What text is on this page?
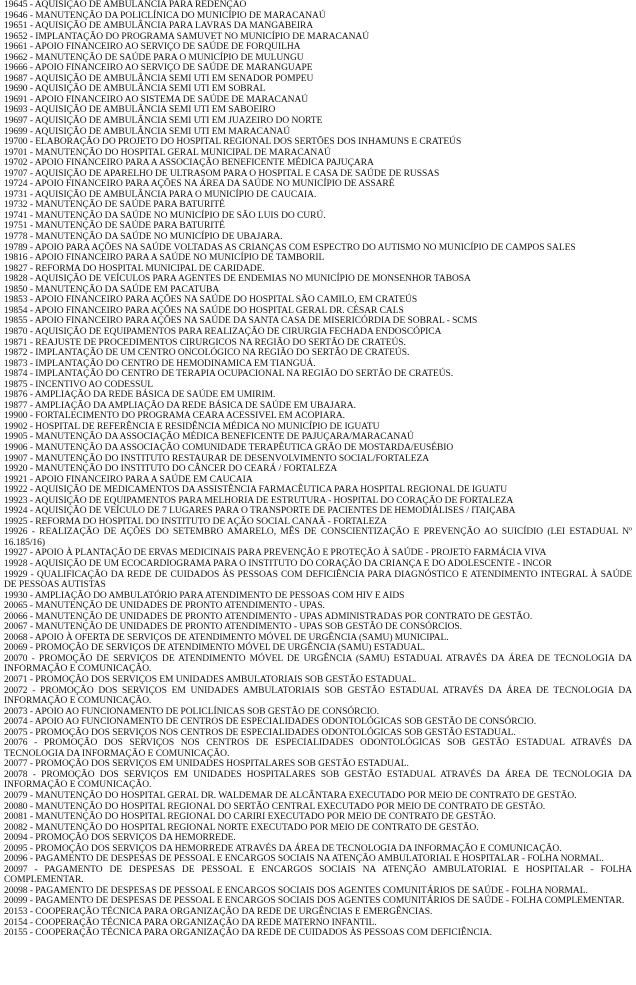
19645 - AQUISIÇÃO DE AMBULÂNCIA PARA REDENÇÃO

19646 - MANUTENÇÃO DA POLICLÍNICA DO MUNICÍPIO DE MARACANAÚ

19651 - AQUISIÇÃO DE AMBULÂNCIA PARA LAVRAS DA MANGABEIRA

19652 - IMPLANTAÇÃO DO PROGRAMA SAMUVET NO MUNICÍPIO DE MARACANAÚ

19661 - APOIO FINANCEIRO AO SERVIÇO DE SAÚDE DE FORQUILHA

19662 - MANUTENÇÃO DE SAÚDE PARA O MUNICÍPIO DE MULUNGU

19666 - APOIO FINANCEIRO AO SERVIÇO DE SAÚDE DE MARANGUAPE

19687 - AQUISIÇÃO DE AMBULÂNCIA SEMI UTI EM SENADOR POMPEU

19690 - AQUISIÇÃO DE AMBULÂNCIA SEMI UTI EM SOBRAL

19691 - APOIO FINANCEIRO AO SISTEMA DE SAÚDE DE MARACANAÚ

19693 - AQUISIÇÃO DE AMBULÂNCIA SEMI UTI EM SABOEIRO

19697 - AQUISIÇÃO DE AMBULÂNCIA SEMI UTI EM JUAZEIRO DO NORTE

19699 - AQUISIÇÃO DE AMBULÂNCIA SEMI UTI EM MARACANAÚ

19700 - ELABORAÇÃO DO PROJETO DO HOSPITAL REGIONAL DOS SERTÕES DOS INHAMUNS E CRATEÚS

19701 - MANUTENÇÃO DO HOSPITAL GERAL MUNICIPAL DE MARACANAÚ

19702 - APOIO FINANCEIRO PARA A ASSOCIAÇÃO BENEFICENTE MÉDICA PAJUÇARA

19707 - AQUISIÇÃO DE APARELHO DE ULTRASOM PARA O HOSPITAL E CASA DE SAÚDE DE RUSSAS

19724 - APOIO FINANCEIRO PARA AÇÕES NA ÁREA DA SAÚDE NO MUNICÍPIO DE ASSARÉ

19731 - AQUISIÇÃO DE AMBULÂNCIA PARA O MUNICÍPIO DE CAUCAIA.

19732 - MANUTENÇÃO DE SAÚDE PARA BATURITÉ

19741 - MANUTENÇÃO DA SAÚDE NO MUNICÍPIO DE SÃO LUIS DO CURÚ.

19751 - MANUTENÇÃO DE SAÚDE PARA BATURITÉ

19778 - MANUTENÇÃO DA SAÚDE NO MUNICÍPIO DE UBAJARA.

19789 - APOIO PARA AÇÕES NA SAÚDE VOLTADAS AS CRIANÇAS COM ESPECTRO DO AUTISMO NO MUNICÍPIO DE CAMPOS SALES

19816 - APOIO FINANCEIRO PARA A SAÚDE NO MUNICÍPIO DE TAMBORIL

19827 - REFORMA DO HOSPITAL MUNICIPAL DE CARIDADE.

19828 - AQUISIÇÃO DE VEÍCULOS PARA AGENTES DE ENDEMIAS NO MUNICÍPIO DE MONSENHOR TABOSA

19850 - MANUTENÇÃO DA SAÚDE EM PACATUBA

19853 - APOIO FINANCEIRO PARA AÇÕES NA SAÚDE DO HOSPITAL SÃO CAMILO, EM CRATEÚS

19854 - APOIO FINANCEIRO PARA AÇÕES NA SAÚDE DO HOSPITAL GERAL DR. CÉSAR CALS

19855 - APOIO FINANCEIRO PARA AÇÕES NA SAÚDE DA SANTA CASA DE MISERICÓRDIA DE SOBRAL - SCMS

19870 - AQUISIÇÃO DE EQUIPAMENTOS PARA REALIZAÇÃO DE CIRURGIA FECHADA ENDOSCÓPICA

19871 - REAJUSTE DE PROCEDIMENTOS CIRURGICOS NA REGIÃO DO SERTÃO DE CRATEÚS.

19872 - IMPLANTAÇÃO DE UM CENTRO ONCOLÓGICO NA REGIÃO DO SERTÃO DE CRATEÚS.

19873 - IMPLANTAÇÃO DO CENTRO DE HEMODINAMICA EM TIANGUÁ.

19874 - IMPLANTAÇÃO DO CENTRO DE TERAPIA OCUPACIONAL NA REGIÃO DO SERTÃO DE CRATEÚS.

19875 - INCENTIVO AO CODESSUL

19876 - AMPLIAÇÃO DA REDE BÁSICA DE SAÚDE EM UMIRIM.

19877 - AMPLIAÇÃO DA AMPLIAÇÃO DA REDE BÁSICA DE SAÚDE EM UBAJARA.

19900 - FORTALECIMENTO DO PROGRAMA CEARA ACESSIVEL EM ACOPIARA.

19902 - HOSPITAL DE REFERÊNCIA E RESIDÊNCIA MÉDICA NO MUNICÍPIO DE IGUATU

19905 - MANUTENÇÃO DA ASSOCIAÇÃO MÉDICA BENEFICENTE DE PAJUÇARA/MARACANAÚ

19906 - MANUTENÇÃO DA ASSOCIAÇÃO COMUNIDADE TERAPÊUTICA GRÃO DE MOSTARDA/EUSÉBIO

19907 - MANUTENÇÃO DO INSTITUTO RESTAURAR DE DESENVOLVIMENTO SOCIAL/FORTALEZA

19920 - MANUTENÇÃO DO INSTITUTO DO CÂNCER DO CEARÁ / FORTALEZA

19921 - APOIO FINANCEIRO PARA A SAÚDE EM CAUCAIA

19922 - AQUISIÇÃO DE MEDICAMENTOS DA ASSISTÊNCIA FARMACÊUTICA PARA HOSPITAL REGIONAL DE IGUATU

19923 - AQUISIÇÃO DE EQUIPAMENTOS PARA MELHORIA DE ESTRUTURA - HOSPITAL DO CORAÇÃO DE FORTALEZA

19924 - AQUISIÇÃO DE VEÍCULO DE 7 LUGARES PARA O TRANSPORTE DE PACIENTES DE HEMODIÁLISES / ITAIÇABA

19925 - REFORMA DO HOSPITAL DO INSTITUTO DE AÇÃO SOCIAL CANAÃ - FORTALEZA

19926 - REALIZAÇÃO DE AÇÕES DO SETEMBRO AMARELO, MÊS DE CONSCIENTIZAÇÃO E PREVENÇÃO AO SUICÍDIO (LEI ESTADUAL Nº 16.185/16)

19927 - APOIO À PLANTAÇÃO DE ERVAS MEDICINAIS PARA PREVENÇÃO E PROTEÇÃO À SAÚDE - PROJETO FARMÁCIA VIVA

19928 - AQUISIÇÃO DE UM ECOCARDIOGRAMA PARA O INSTITUTO DO CORAÇÃO DA CRIANÇA E DO ADOLESCENTE - INCOR

19929 - QUALIFICAÇÃO DA REDE DE CUIDADOS ÀS PESSOAS COM DEFICIÊNCIA PARA DIAGNÓSTICO E ATENDIMENTO INTEGRAL À SAÚDE DE PESSOAS AUTISTAS

19930 - AMPLIAÇÃO DO AMBULATÓRIO PARA ATENDIMENTO DE PESSOAS COM HIV E AIDS

20065 - MANUTENÇÃO DE UNIDADES DE PRONTO ATENDIMENTO - UPAS.

20066 - MANUTENÇÃO DE UNIDADES DE PRONTO ATENDIMENTO - UPAS ADMINISTRADAS POR CONTRATO DE GESTÃO.

20067 - MANUTENÇÃO DE UNIDADES DE PRONTO ATENDIMENTO - UPAS SOB GESTÃO DE CONSÓRCIOS.

20068 - APOIO À OFERTA DE SERVIÇOS DE ATENDIMENTO MÓVEL DE URGÊNCIA (SAMU) MUNICIPAL.

20069 - PROMOÇÃO DE SERVIÇOS DE ATENDIMENTO MÓVEL DE URGÊNCIA (SAMU) ESTADUAL.

20070 - PROMOÇÃO DE SERVIÇOS DE ATENDIMENTO MÓVEL DE URGÊNCIA (SAMU) ESTADUAL ATRAVÉS DA ÁREA DE TECNOLOGIA DA INFORMAÇÃO E COMUNICAÇÃO.

20071 - PROMOÇÃO DOS SERVIÇOS EM UNIDADES AMBULATORIAIS SOB GESTÃO ESTADUAL.

20072 - PROMOÇÃO DOS SERVIÇOS EM UNIDADES AMBULATORIAIS SOB GESTÃO ESTADUAL ATRAVÉS DA ÁREA DE TECNOLOGIA DA INFORMAÇÃO E COMUNICAÇÃO.

20073 - APOIO AO FUNCIONAMENTO DE POLICLÍNICAS SOB GESTÃO DE CONSÓRCIO.

20074 - APOIO AO FUNCIONAMENTO DE CENTROS DE ESPECIALIDADES ODONTOLÓGICAS SOB GESTÃO DE CONSÓRCIO.

20075 - PROMOÇÃO DOS SERVIÇOS NOS CENTROS DE ESPECIALIDADES ODONTOLÓGICAS SOB GESTÃO ESTADUAL.

20076 - PROMOÇÃO DOS SERVIÇOS NOS CENTROS DE ESPECIALIDADES ODONTOLÓGICAS SOB GESTÃO ESTADUAL ATRAVÉS DA TECNOLOGIA DA INFORMAÇÃO E COMUNICAÇÃO.

20077 - PROMOÇÃO DOS SERVIÇOS EM UNIDADES HOSPITALARES SOB GESTÃO ESTADUAL.

20078 - PROMOÇÃO DOS SERVIÇOS EM UNIDADES HOSPITALARES SOB GESTÃO ESTADUAL ATRAVÉS DA ÁREA DE TECNOLOGIA DA INFORMAÇÃO E COMUNICAÇÃO.

20079 - MANUTENÇÃO DO HOSPITAL GERAL DR. WALDEMAR DE ALCÂNTARA EXECUTADO POR MEIO DE CONTRATO DE GESTÃO.

20080 - MANUTENÇÃO DO HOSPITAL REGIONAL DO SERTÃO CENTRAL EXECUTADO POR MEIO DE CONTRATO DE GESTÃO.

20081 - MANUTENÇÃO DO HOSPITAL REGIONAL DO CARIRI EXECUTADO POR MEIO DE CONTRATO DE GESTÃO.

20082 - MANUTENÇÃO DO HOSPITAL REGIONAL NORTE EXECUTADO POR MEIO DE CONTRATO DE GESTÃO.

20094 - PROMOÇÃO DOS SERVIÇOS DA HEMORREDE.

20095 - PROMOÇÃO DOS SERVIÇOS DA HEMORREDE ATRAVÉS DA ÁREA DE TECNOLOGIA DA INFORMAÇÃO E COMUNICAÇÃO.

20096 - PAGAMENTO DE DESPESAS DE PESSOAL E ENCARGOS SOCIAIS NA ATENÇÃO AMBULATORIAL E HOSPITALAR - FOLHA NORMAL.

20097 - PAGAMENTO DE DESPESAS DE PESSOAL E ENCARGOS SOCIAIS NA ATENÇÃO AMBULATORIAL E HOSPITALAR - FOLHA COMPLEMENTAR.

20098 - PAGAMENTO DE DESPESAS DE PESSOAL E ENCARGOS SOCIAIS DOS AGENTES COMUNITÁRIOS DE SAÚDE - FOLHA NORMAL.

20099 - PAGAMENTO DE DESPESAS DE PESSOAL E ENCARGOS SOCIAIS DOS AGENTES COMUNITÁRIOS DE SAÚDE - FOLHA COMPLEMENTAR.

20153 - COOPERAÇÃO TÉCNICA PARA ORGANIZAÇÃO DA REDE DE URGÊNCIAS E EMERGÊNCIAS.

20154 - COOPERAÇÃO TÉCNICA PARA ORGANIZAÇÃO DA REDE MATERNO INFANTIL.

20155 - COOPERAÇÃO TÉCNICA PARA ORGANIZAÇÃO DA REDE DE CUIDADOS ÀS PESSOAS COM DEFICIÊNCIA.
